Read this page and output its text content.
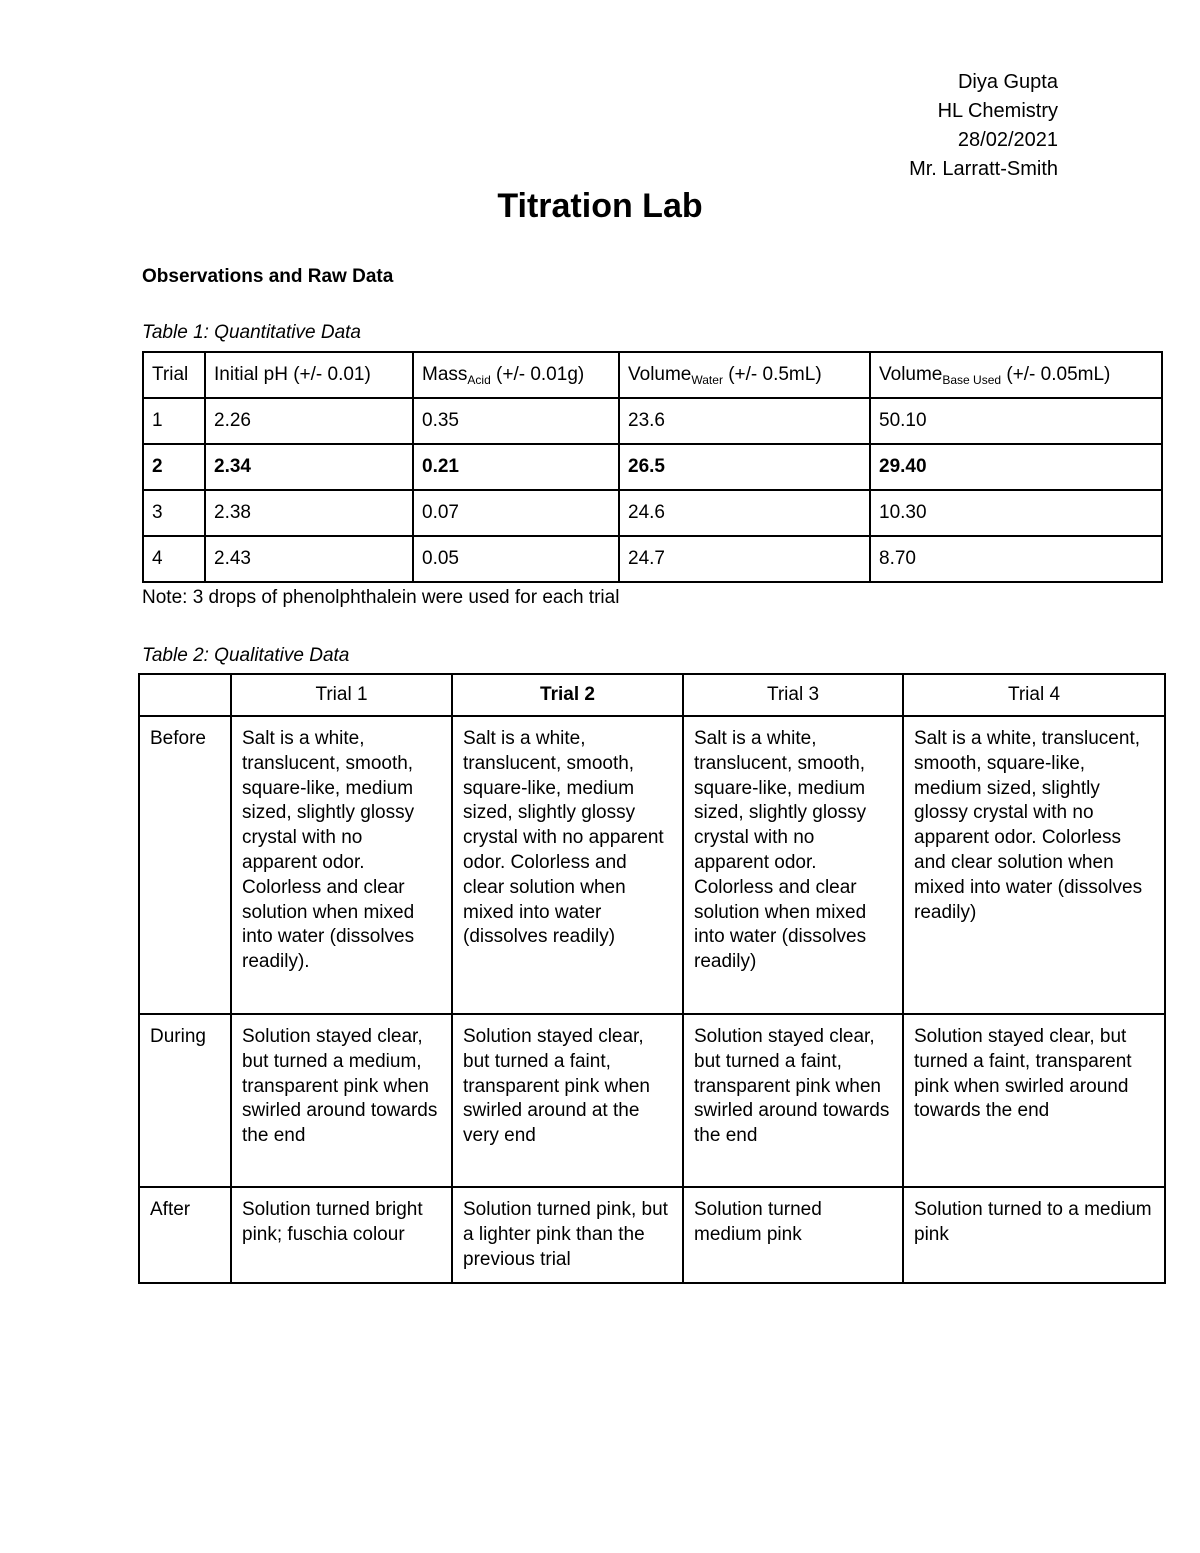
Diya Gupta
HL Chemistry
28/02/2021
Mr. Larratt-Smith
Titration Lab
Observations and Raw Data
Table 1: Quantitative Data
Trial	Initial pH (+/- 0.01)	Mass$_{Acid}$ (+/- 0.01g)	Volume$_{Water}$ (+/- 0.5mL)	Volume$_{Base Used}$ (+/- 0.05mL)
1	2.26	0.35	23.6	50.10
2	2.34	0.21	26.5	29.40
3	2.38	0.07	24.6	10.30
4	2.43	0.05	24.7	8.70
Note: 3 drops of phenolphthalein were used for each trial
Table 2: Qualitative Data
	Trial 1	Trial 2	Trial 3	Trial 4
Before	Salt is a white, translucent, smooth, square-like, medium sized, slightly glossy crystal with no apparent odor. Colorless and clear solution when mixed into water (dissolves readily).	Salt is a white, translucent, smooth, square-like, medium sized, slightly glossy crystal with no apparent odor. Colorless and clear solution when mixed into water (dissolves readily)	Salt is a white, translucent, smooth, square-like, medium sized, slightly glossy crystal with no apparent odor. Colorless and clear solution when mixed into water (dissolves readily)	Salt is a white, translucent, smooth, square-like, medium sized, slightly glossy crystal with no apparent odor. Colorless and clear solution when mixed into water (dissolves readily)
During	Solution stayed clear, but turned a medium, transparent pink when swirled around towards the end	Solution stayed clear, but turned a faint, transparent pink when swirled around at the very end	Solution stayed clear, but turned a faint, transparent pink when swirled around towards the end	Solution stayed clear, but turned a faint, transparent pink when swirled around towards the end
After	Solution turned bright pink; fuschia colour	Solution turned pink, but a lighter pink than the previous trial	Solution turned medium pink	Solution turned to a medium pink
